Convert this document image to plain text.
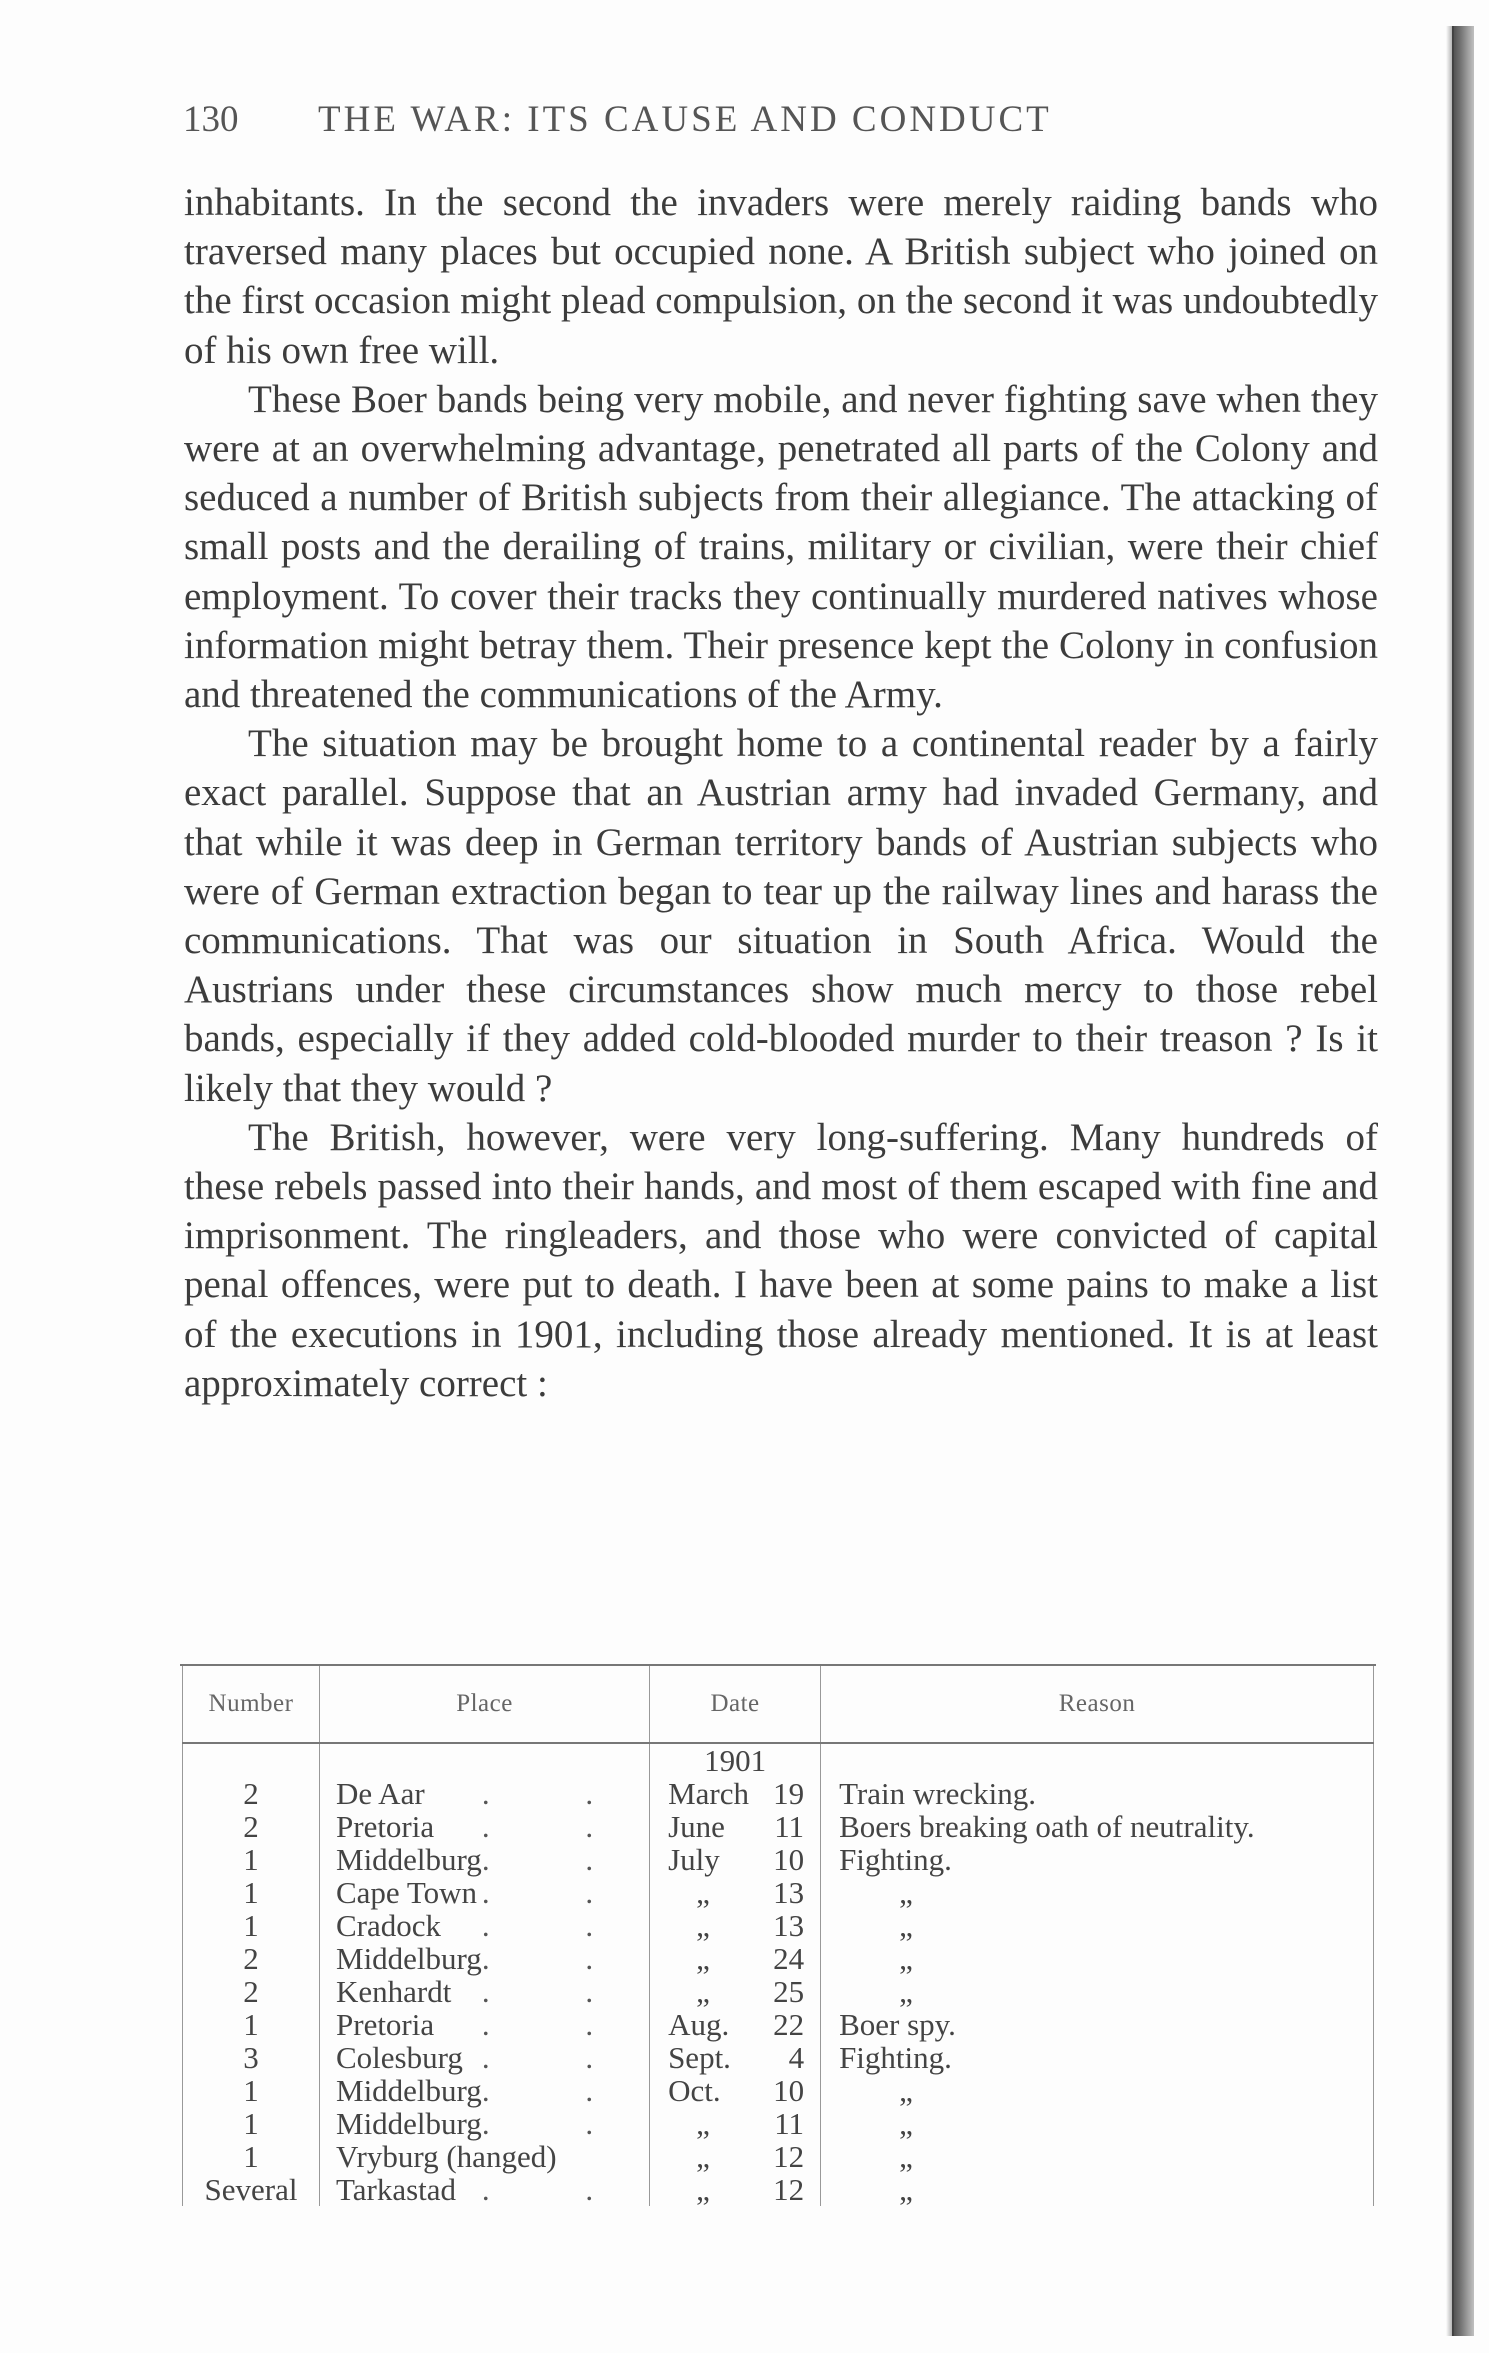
130	THE WAR: ITS CAUSE AND CONDUCT

inhabitants. In the second the invaders were merely raiding bands who traversed many places but occupied none. A British subject who joined on the first occasion might plead compulsion, on the second it was undoubtedly of his own free will.

These Boer bands being very mobile, and never fighting save when they were at an overwhelming advantage, penetrated all parts of the Colony and seduced a number of British subjects from their allegiance. The attacking of small posts and the derailing of trains, military or civilian, were their chief employment. To cover their tracks they continually murdered natives whose information might betray them. Their presence kept the Colony in confusion and threatened the communications of the Army.

The situation may be brought home to a continental reader by a fairly exact parallel. Suppose that an Austrian army had invaded Germany, and that while it was deep in German territory bands of Austrian subjects who were of German extraction began to tear up the railway lines and harass the communications. That was our situation in South Africa. Would the Austrians under these circumstances show much mercy to those rebel bands, especially if they added cold-blooded murder to their treason ? Is it likely that they would ?

The British, however, were very long-suffering. Many hundreds of these rebels passed into their hands, and most of them escaped with fine and imprisonment. The ringleaders, and those who were convicted of capital penal offences, were put to death. I have been at some pains to make a list of the executions in 1901, including those already mentioned. It is at least approximately correct :

Number	Place	Date	Reason
		1901	
2	De Aar . .	March 19	Train wrecking.

2	Pretoria . .	June 11	Boers breaking oath of neutrality.

1	Middelburg . .	July 10	Fighting.

1	Cape Town . .	„ 13	„

1	Cradock . .	„ 13	„

2	Middelburg . .	„ 24	„

2	Kenhardt . .	„ 25	„

1	Pretoria . .	Aug. 22	Boer spy.

3	Colesburg . .	Sept. 4	Fighting.

1	Middelburg . .	Oct. 10	„

1	Middelburg . .	„ 11	„

1	Vryburg (hanged)	„ 12	„

Several	Tarkastad . .	„ 12	„
